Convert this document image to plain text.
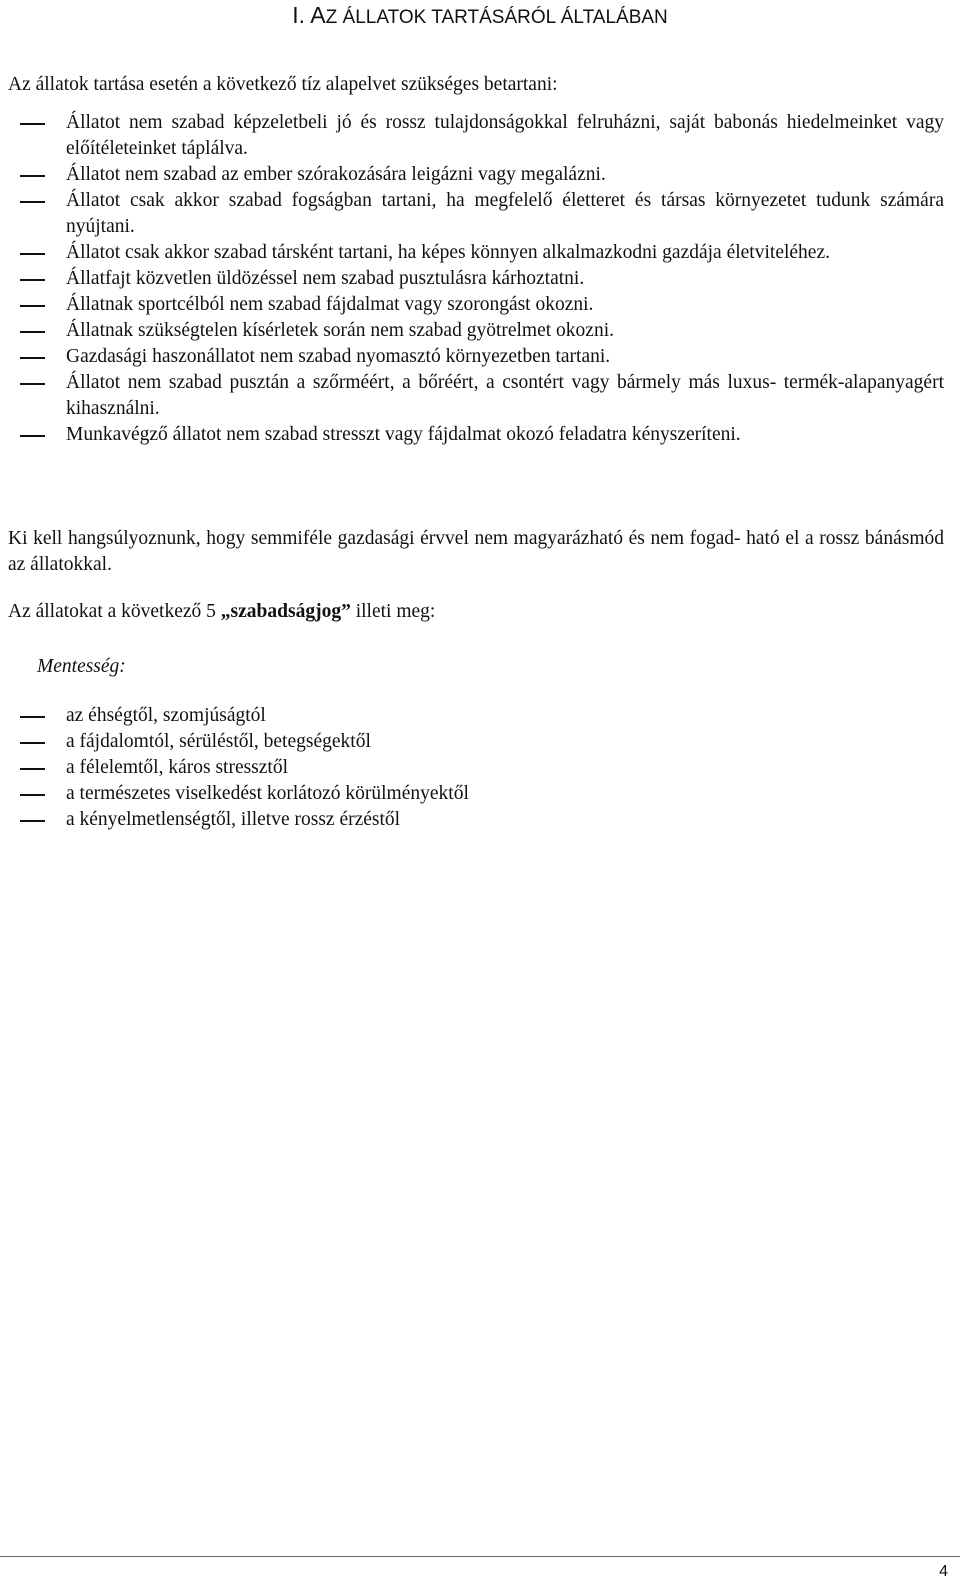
I. AZ ÁLLATOK TARTÁSÁRÓL ÁLTALÁBAN

Az állatok tartása esetén a következő tíz alapelvet szükséges betartani:

Állatot nem szabad képzeletbeli jó és rossz tulajdonságokkal felruházni, saját babonás hiedelmeinket vagy előítéleteinket táplálva.
Állatot nem szabad az ember szórakozására leigázni vagy megalázni.
Állatot csak akkor szabad fogságban tartani, ha megfelelő életteret és társas környezetet tudunk számára nyújtani.
Állatot csak akkor szabad társként tartani, ha képes könnyen alkalmazkodni gazdája életviteléhez.
Állatfajt közvetlen üldözéssel nem szabad pusztulásra kárhoztatni.
Állatnak sportcélból nem szabad fájdalmat vagy szorongást okozni.
Állatnak szükségtelen kísérletek során nem szabad gyötrelmet okozni.
Gazdasági haszonállatot nem szabad nyomasztó környezetben tartani.
Állatot nem szabad pusztán a szőrméért, a bőréért, a csontért vagy bármely más luxus- termék-alapanyagért kihasználni.
Munkavégző állatot nem szabad stresszt vagy fájdalmat okozó feladatra kényszeríteni.

Ki kell hangsúlyoznunk, hogy semmiféle gazdasági érvvel nem magyarázható és nem fogad- ható el a rossz bánásmód az állatokkal.

Az állatokat a következő 5 „szabadságjog” illeti meg:

Mentesség:

az éhségtől, szomjúságtól
a fájdalomtól, sérüléstől, betegségektől
a félelemtől, káros stressztől
a természetes viselkedést korlátozó körülményektől
a kényelmetlenségtől, illetve rossz érzéstől
4
